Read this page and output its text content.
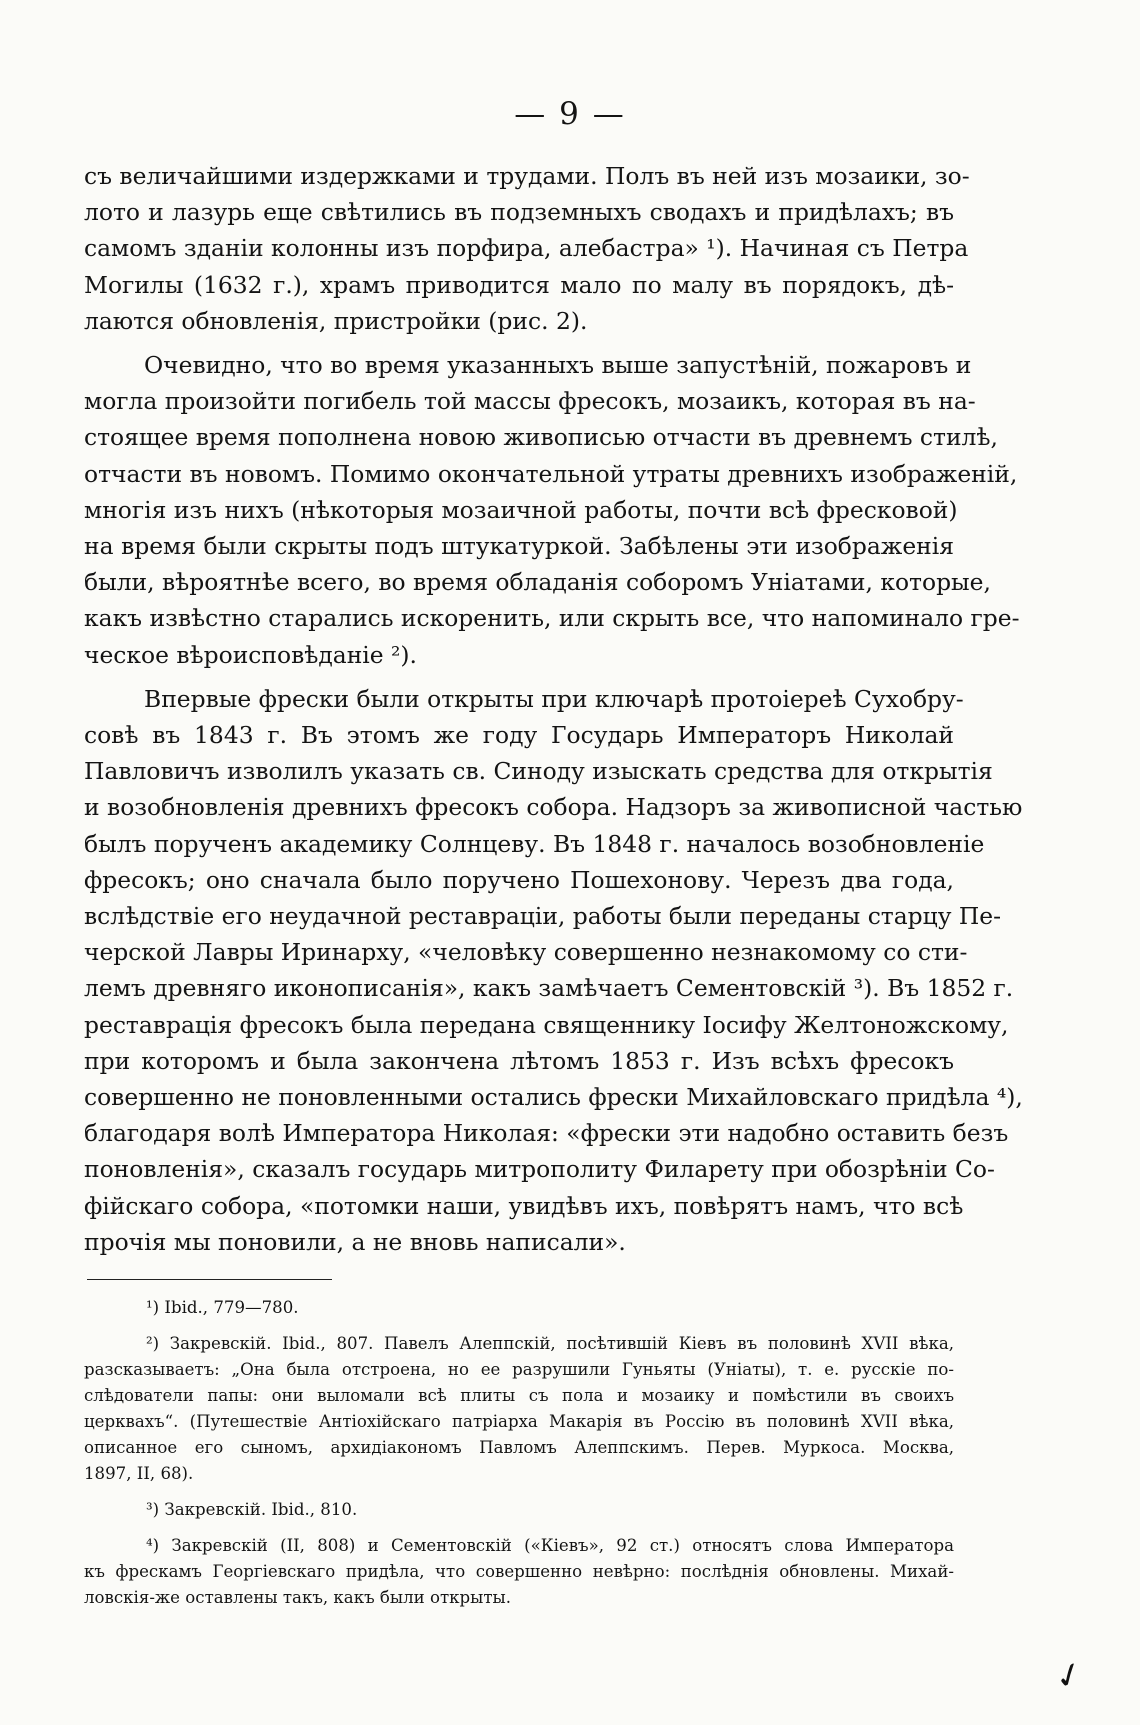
— 9 —
съ величайшими издержками и трудами. Полъ въ ней изъ мозаики, зо-
лото и лазурь еще свѣтились въ подземныхъ сводахъ и придѣлахъ; въ
самомъ зданіи колонны изъ порфира, алебастра» ¹). Начиная съ Петра
Могилы (1632 г.), храмъ приводится мало по малу въ порядокъ, дѣ-
лаются обновленія, пристройки (рис. 2).
Очевидно, что во время указанныхъ выше запустѣній, пожаровъ и
могла произойти погибель той массы фресокъ, мозаикъ, которая въ на-
стоящее время пополнена новою живописью отчасти въ древнемъ стилѣ,
отчасти въ новомъ. Помимо окончательной утраты древнихъ изображеній,
многія изъ нихъ (нѣкоторыя мозаичной работы, почти всѣ фресковой)
на время были скрыты подъ штукатуркой. Забѣлены эти изображенія
были, вѣроятнѣе всего, во время обладанія соборомъ Уніатами, которые,
какъ извѣстно старались искоренить, или скрыть все, что напоминало гре-
ческое вѣроисповѣданіе ²).
Впервые фрески были открыты при ключарѣ протоіереѣ Сухобру-
совѣ въ 1843 г. Въ этомъ же году Государь Императоръ Николай
Павловичъ изволилъ указать св. Синоду изыскать средства для открытія
и возобновленія древнихъ фресокъ собора. Надзоръ за живописной частью
былъ порученъ академику Солнцеву. Въ 1848 г. началось возобновленіе
фресокъ; оно сначала было поручено Пошехонову. Черезъ два года,
вслѣдствіе его неудачной реставраціи, работы были переданы старцу Пе-
черской Лавры Иринарху, «человѣку совершенно незнакомому со сти-
лемъ древняго иконописанія», какъ замѣчаетъ Сементовскій ³). Въ 1852 г.
реставрація фресокъ была передана священнику Іосифу Желтоножскому,
при которомъ и была закончена лѣтомъ 1853 г. Изъ всѣхъ фресокъ
совершенно не поновленными остались фрески Михайловскаго придѣла ⁴),
благодаря волѣ Императора Николая: «фрески эти надобно оставить безъ
поновленія», сказалъ государь митрополиту Филарету при обозрѣніи Со-
фійскаго собора, «потомки наши, увидѣвъ ихъ, повѣрятъ намъ, что всѣ
прочія мы поновили, а не вновь написали».
¹) Ibid., 779—780.
²) Закревскій. Ibid., 807. Павелъ Алеппскій, посѣтившій Кіевъ въ половинѣ XVII вѣка,
разсказываетъ: „Она была отстроена, но ее разрушили Гуньяты (Уніаты), т. е. русскіе по-
слѣдователи папы: они выломали всѣ плиты съ пола и мозаику и помѣстили въ своихъ
церквахъ“. (Путешествіе Антіохійскаго патріарха Макарія въ Россію въ половинѣ XVII вѣка,
описанное его сыномъ, архидіакономъ Павломъ Алеппскимъ. Перев. Муркоса. Москва,
1897, II, 68).
³) Закревскій. Ibid., 810.
⁴) Закревскій (II, 808) и Сементовскій («Кіевъ», 92 ст.) относятъ слова Императора
къ фрескамъ Георгіевскаго придѣла, что совершенно невѣрно: послѣднія обновлены. Михай-
ловскія-же оставлены такъ, какъ были открыты.
✓
